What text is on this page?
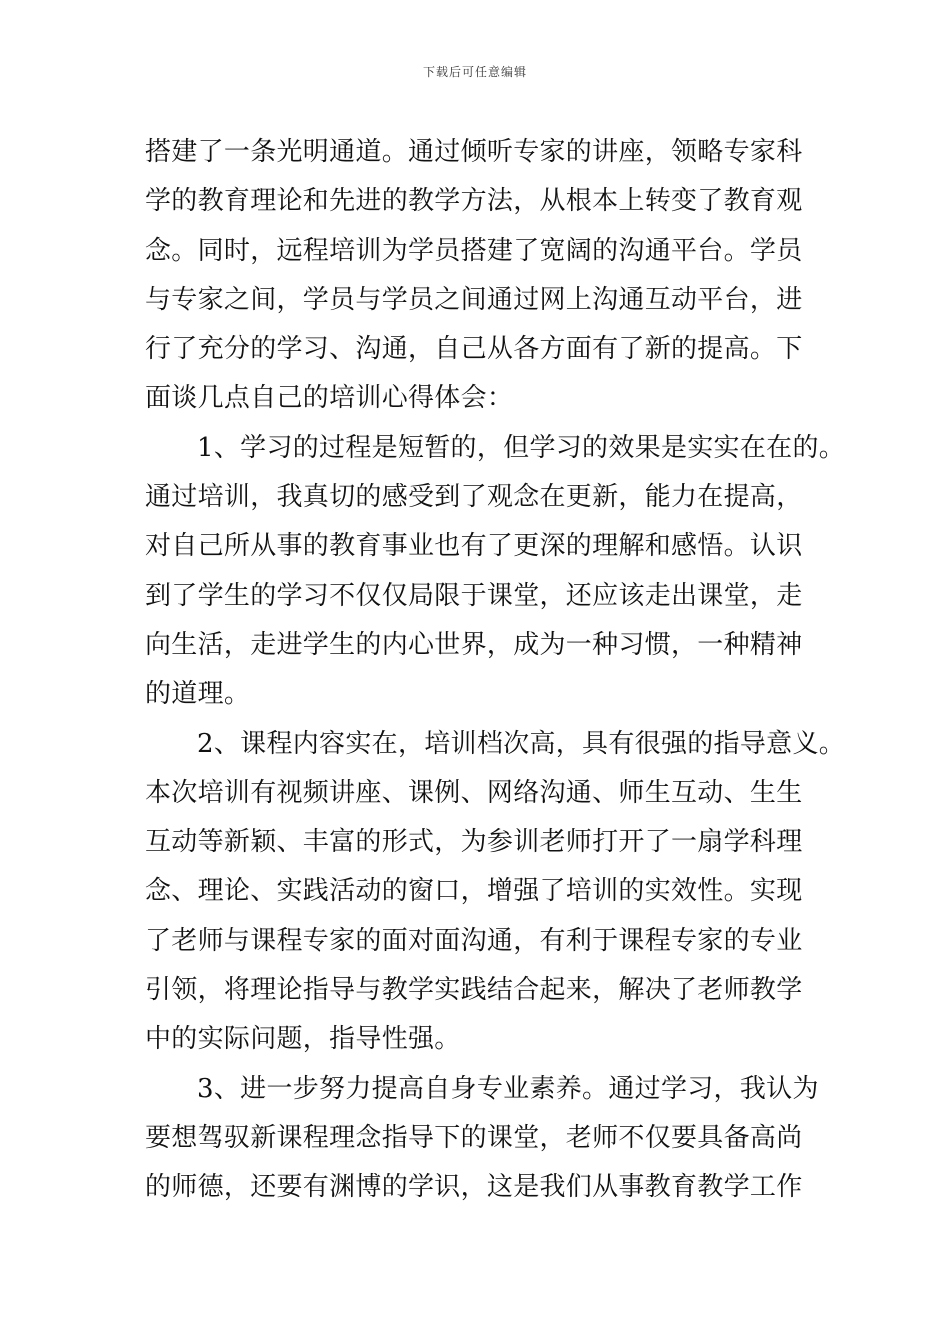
下载后可任意编辑
搭建了一条光明通道。通过倾听专家的讲座，领略专家科
学的教育理论和先进的教学方法，从根本上转变了教育观
念。同时，远程培训为学员搭建了宽阔的沟通平台。学员
与专家之间，学员与学员之间通过网上沟通互动平台，进
行了充分的学习、沟通，自己从各方面有了新的提高。下
面谈几点自己的培训心得体会：
1、学习的过程是短暂的，但学习的效果是实实在在的。
通过培训，我真切的感受到了观念在更新，能力在提高，
对自己所从事的教育事业也有了更深的理解和感悟。认识
到了学生的学习不仅仅局限于课堂，还应该走出课堂，走
向生活，走进学生的内心世界，成为一种习惯，一种精神
的道理。
2、课程内容实在，培训档次高，具有很强的指导意义。
本次培训有视频讲座、课例、网络沟通、师生互动、生生
互动等新颖、丰富的形式，为参训老师打开了一扇学科理
念、理论、实践活动的窗口，增强了培训的实效性。实现
了老师与课程专家的面对面沟通，有利于课程专家的专业
引领，将理论指导与教学实践结合起来，解决了老师教学
中的实际问题，指导性强。
3、进一步努力提高自身专业素养。通过学习，我认为
要想驾驭新课程理念指导下的课堂，老师不仅要具备高尚
的师德，还要有渊博的学识，这是我们从事教育教学工作
